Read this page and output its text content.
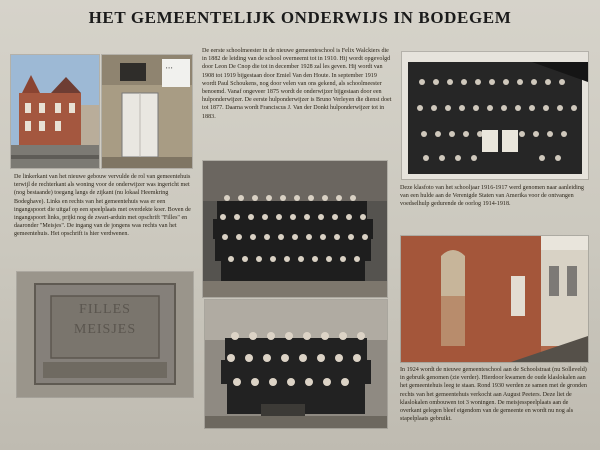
HET GEMEENTELIJK ONDERWIJS IN BODEGEM
▪ ▪ ▪
De eerste schoolmeester in de nieuwe gemeenteschool is Felix Walckiers die in 1882 de leiding van de school overneemt tot in 1910. Hij wordt opgevolgd door Leon De Cnop die tot in december 1928 zal les geven. Hij wordt van 1908 tot 1919 bijgestaan door Emiel Van den Houte. In september 1919 wordt Paul Schoukens, nog door velen van ons gekend, als schoolmeester benoemd. Vanaf ongeveer 1875 wordt de onderwijzer bijgestaan door een hulponderwijzer. De eerste hulponderwijzer is Bruno Verleyen die dienst doet tot 1877. Daarna wordt Franciscus J. Van der Donkt hulponderwijzer tot in 1883.
De linkerkant van het nieuwe gebouw vervulde de rol van gemeentehuis terwijl de rechterkant als woning voor de onderwijzer was ingericht met (nog bestaande) toegang langs de zijkant (nu lokaal Heemkring Bodeghave). Links en rechts van het gemeentehuis was er een ingangspoort die uitgaf op een speelplaats met overdekte koer. Boven de ingangspoort links, prijkt nog de zwart-arduin met opschrift "Filles" en daaronder "Meisjes". De ingang van de jongens was rechts van het gemeentehuis. Het opschrift is hier verdwenen.
Deze klasfoto van het schooljaar 1916-1917 werd genomen naar aanleiding van een hulde aan de Verenigde Staten van Amerika voor de ontvangen voedselhulp gedurende de oorlog 1914-1918.
FILLES
MEISJES
In 1924 wordt de nieuwe gemeenteschool aan de Schoolstraat (nu Solleveld) in gebruik genomen (zie verder). Hierdoor kwamen de oude klaslokalen aan het gemeentehuis leeg te staan. Rond 1930 werden ze samen met de gronden rechts van het gemeentehuis verkocht aan August Peeters. Deze liet de klaslokalen ombouwen tot 3 woningen. De meisjesspeelplaats aan de overkant gelegen bleef eigendom van de gemeente en wordt nu nog als stapelplaats gebruikt.
